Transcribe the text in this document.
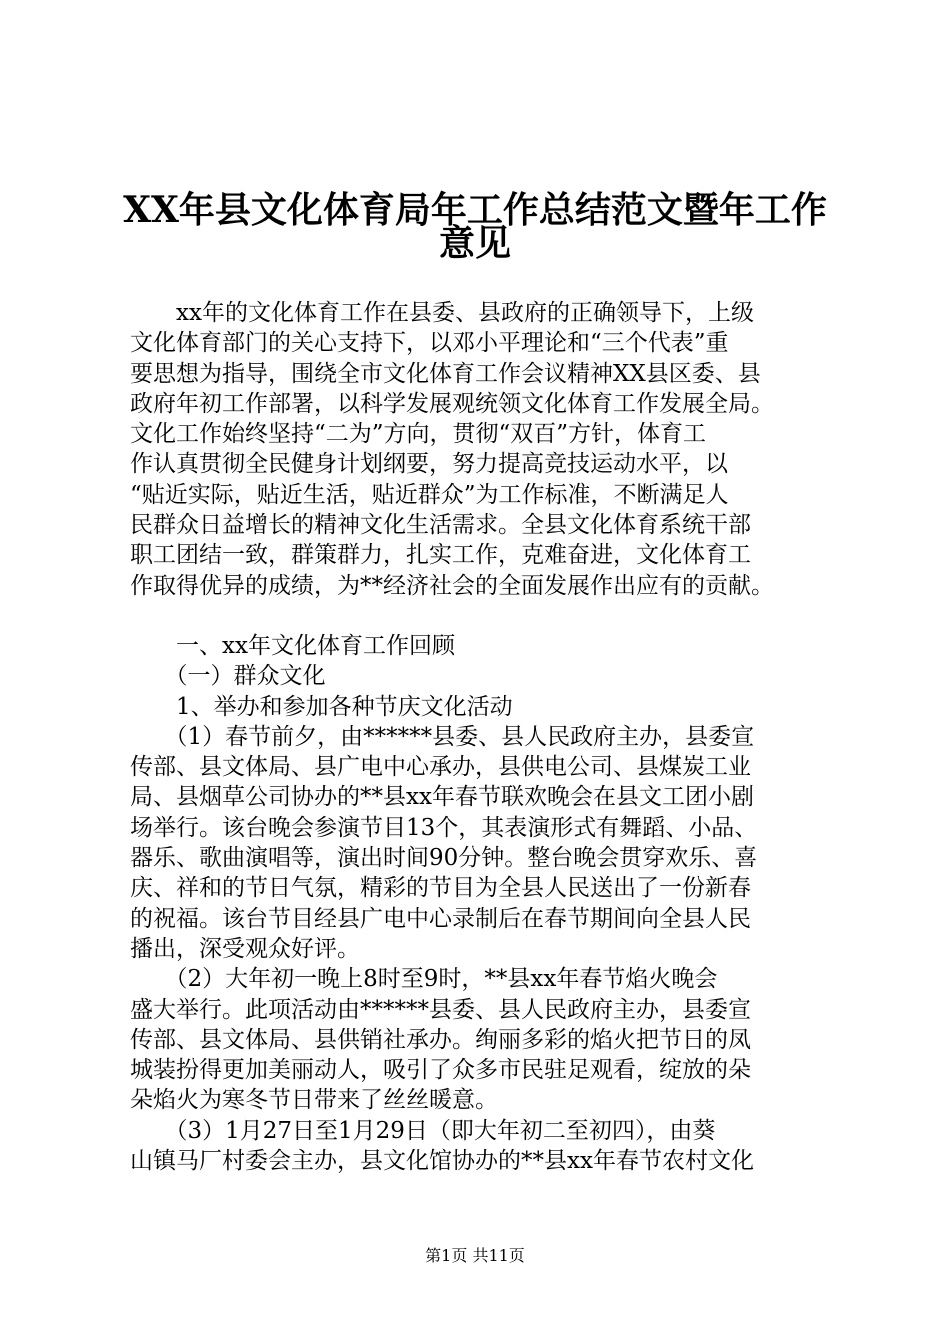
XX年县文化体育局年工作总结范文暨年工作
意见
　　xx年的文化体育工作在县委、县政府的正确领导下，上级
文化体育部门的关心支持下，以邓小平理论和“三个代表”重
要思想为指导，围绕全市文化体育工作会议精神XX县区委、县
政府年初工作部署，以科学发展观统领文化体育工作发展全局。
文化工作始终坚持“二为”方向，贯彻“双百”方针，体育工
作认真贯彻全民健身计划纲要，努力提高竞技运动水平，以
“贴近实际，贴近生活，贴近群众”为工作标准，不断满足人
民群众日益增长的精神文化生活需求。全县文化体育系统干部
职工团结一致，群策群力，扎实工作，克难奋进，文化体育工
作取得优异的成绩，为**经济社会的全面发展作出应有的贡献。
　　一、xx年文化体育工作回顾
　　（一）群众文化
　　1、举办和参加各种节庆文化活动
　　（1）春节前夕，由******县委、县人民政府主办，县委宣
传部、县文体局、县广电中心承办，县供电公司、县煤炭工业
局、县烟草公司协办的**县xx年春节联欢晚会在县文工团小剧
场举行。该台晚会参演节目13个，其表演形式有舞蹈、小品、
器乐、歌曲演唱等，演出时间90分钟。整台晚会贯穿欢乐、喜
庆、祥和的节日气氛，精彩的节目为全县人民送出了一份新春
的祝福。该台节目经县广电中心录制后在春节期间向全县人民
播出，深受观众好评。
　　（2）大年初一晚上8时至9时，**县xx年春节焰火晚会
盛大举行。此项活动由******县委、县人民政府主办，县委宣
传部、县文体局、县供销社承办。绚丽多彩的焰火把节日的凤
城装扮得更加美丽动人，吸引了众多市民驻足观看，绽放的朵
朵焰火为寒冬节日带来了丝丝暖意。
　　（3）1月27日至1月29日（即大年初二至初四），由葵
山镇马厂村委会主办，县文化馆协办的**县xx年春节农村文化
第1页 共11页
